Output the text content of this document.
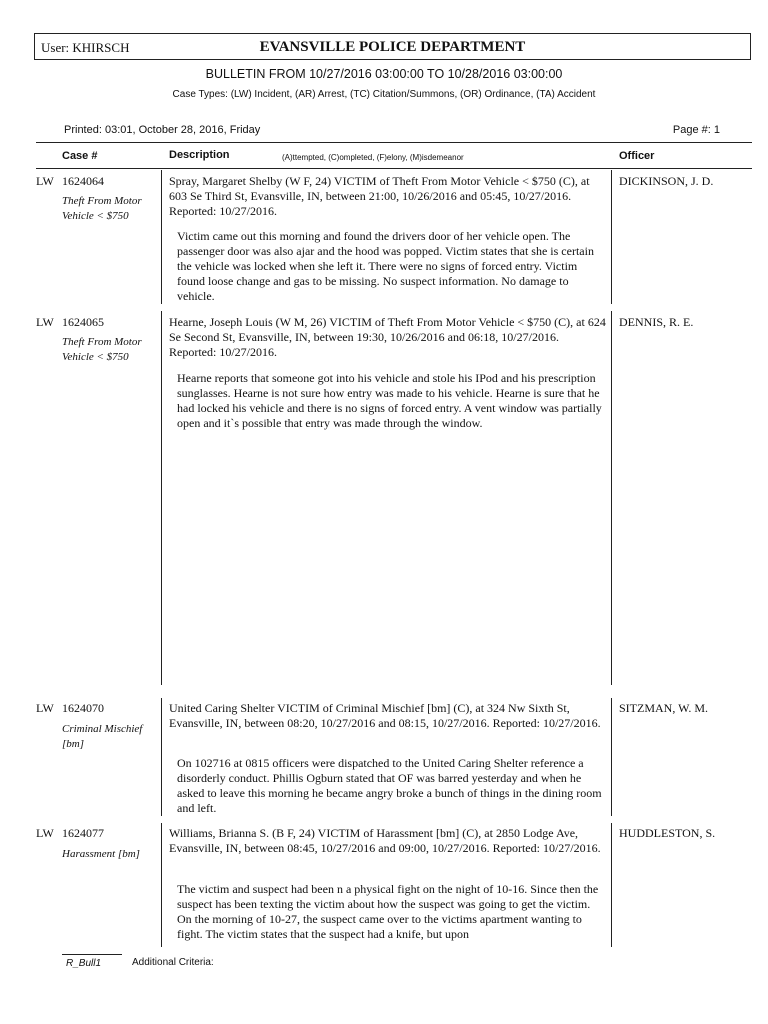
User: KHIRSCH	EVANSVILLE POLICE DEPARTMENT
BULLETIN FROM 10/27/2016 03:00:00 TO 10/28/2016 03:00:00
Case Types: (LW) Incident, (AR) Arrest, (TC) Citation/Summons, (OR) Ordinance, (TA) Accident
Printed: 03:01, October 28, 2016, Friday	Page #: 1
Case #	Description	(A)ttempted, (C)ompleted, (F)elony, (M)isdemeanor	Officer
LW 1624064
Theft From Motor Vehicle < $750
Spray, Margaret Shelby (W F, 24) VICTIM of Theft From Motor Vehicle < $750 (C), at 603 Se Third St, Evansville, IN, between 21:00, 10/26/2016 and 05:45, 10/27/2016. Reported: 10/27/2016.
Victim came out this morning and found the drivers door of her vehicle open. The passenger door was also ajar and the hood was popped. Victim states that she is certain the vehicle was locked when she left it. There were no signs of forced entry. Victim found loose change and gas to be missing. No suspect information. No damage to vehicle.
DICKINSON, J. D.
LW 1624065
Theft From Motor Vehicle < $750
Hearne, Joseph Louis (W M, 26) VICTIM of Theft From Motor Vehicle < $750 (C), at 624 Se Second St, Evansville, IN, between 19:30, 10/26/2016 and 06:18, 10/27/2016. Reported: 10/27/2016.
Hearne reports that someone got into his vehicle and stole his IPod and his prescription sunglasses. Hearne is not sure how entry was made to his vehicle. Hearne is sure that he had locked his vehicle and there is no signs of forced entry. A vent window was partially open and it`s possible that entry was made through the window.
DENNIS, R. E.
LW 1624070
Criminal Mischief [bm]
United Caring Shelter VICTIM of Criminal Mischief [bm] (C), at 324 Nw Sixth St, Evansville, IN, between 08:20, 10/27/2016 and 08:15, 10/27/2016. Reported: 10/27/2016.
On 102716 at 0815 officers were dispatched to the United Caring Shelter reference a disorderly conduct. Phillis Ogburn stated that OF was barred yesterday and when he asked to leave this morning he became angry broke a bunch of things in the dining room and left.
SITZMAN, W. M.
LW 1624077
Harassment [bm]
Williams, Brianna S. (B F, 24) VICTIM of Harassment [bm] (C), at 2850 Lodge Ave, Evansville, IN, between 08:45, 10/27/2016 and 09:00, 10/27/2016. Reported: 10/27/2016.
The victim and suspect had been n a physical fight on the night of 10-16. Since then the suspect has been texting the victim about how the suspect was going to get the victim. On the morning of 10-27, the suspect came over to the victims apartment wanting to fight. The victim states that the suspect had a knife, but upon
HUDDLESTON, S.
R_Bull1	Additional Criteria:
